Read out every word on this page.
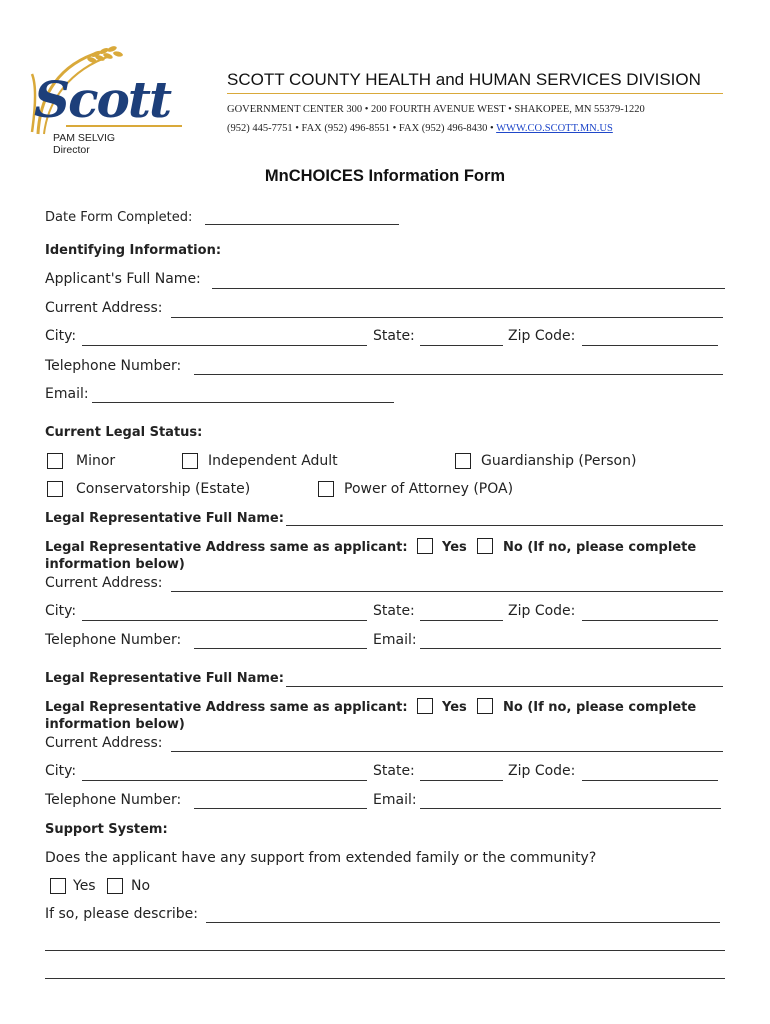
Scott
PAM SELVIG
Director
SCOTT COUNTY HEALTH and HUMAN SERVICES DIVISION
GOVERNMENT CENTER 300 • 200 FOURTH AVENUE WEST • SHAKOPEE, MN 55379-1220
(952) 445-7751 • FAX (952) 496-8551 • FAX (952) 496-8430 • WWW.CO.SCOTT.MN.US
MnCHOICES Information Form
Date Form Completed:
Identifying Information:
Applicant's Full Name:
Current Address:
City:	State:	Zip Code:
Telephone Number:
Email:
Current Legal Status:
Minor	Independent Adult	Guardianship (Person)
Conservatorship (Estate)	Power of Attorney (POA)
Legal Representative Full Name:
Legal Representative Address same as applicant:	Yes	No (If no, please complete
information below)
Current Address:
City:	State:	Zip Code:
Telephone Number:	Email:
Legal Representative Full Name:
Legal Representative Address same as applicant:	Yes	No (If no, please complete
information below)
Current Address:
City:	State:	Zip Code:
Telephone Number:	Email:
Support System:
Does the applicant have any support from extended family or the community?
Yes	No
If so, please describe:
